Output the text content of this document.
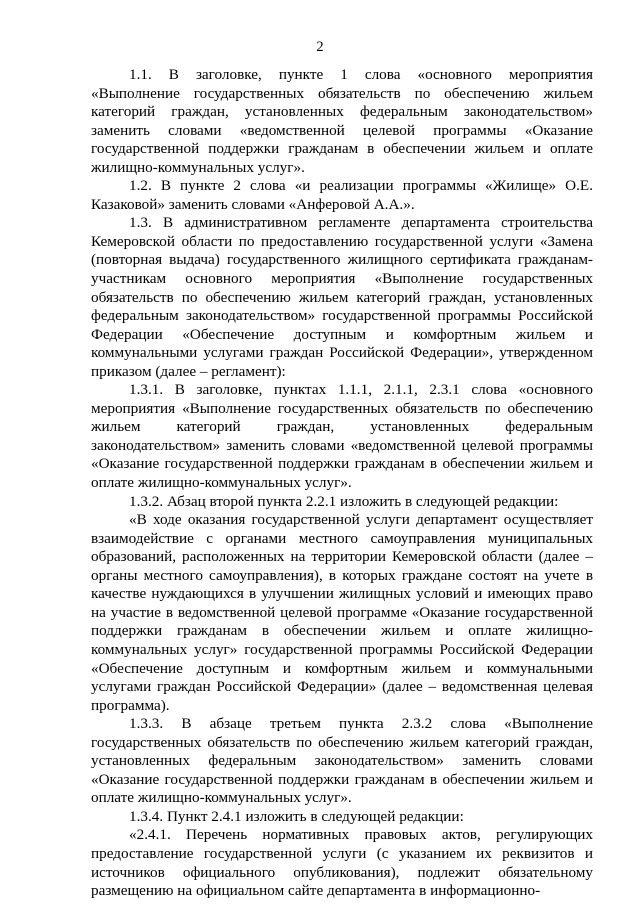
2

1.1. В заголовке, пункте 1 слова «основного мероприятия «Выполнение государственных обязательств по обеспечению жильем категорий граждан, установленных федеральным законодательством» заменить словами «ведомственной целевой программы «Оказание государственной поддержки гражданам в обеспечении жильем и оплате жилищно-коммунальных услуг».

1.2. В пункте 2 слова «и реализации программы «Жилище» О.Е. Казаковой» заменить словами «Анферовой А.А.».

1.3. В административном регламенте департамента строительства Кемеровской области по предоставлению государственной услуги «Замена (повторная выдача) государственного жилищного сертификата гражданам-участникам основного мероприятия «Выполнение государственных обязательств по обеспечению жильем категорий граждан, установленных федеральным законодательством» государственной программы Российской Федерации «Обеспечение доступным и комфортным жильем и коммунальными услугами граждан Российской Федерации», утвержденном приказом (далее – регламент):

1.3.1. В заголовке, пунктах 1.1.1, 2.1.1, 2.3.1 слова «основного мероприятия «Выполнение государственных обязательств по обеспечению жильем категорий граждан, установленных федеральным законодательством» заменить словами «ведомственной целевой программы «Оказание государственной поддержки гражданам в обеспечении жильем и оплате жилищно-коммунальных услуг».

1.3.2. Абзац второй пункта 2.2.1 изложить в следующей редакции:

«В ходе оказания государственной услуги департамент осуществляет взаимодействие с органами местного самоуправления муниципальных образований, расположенных на территории Кемеровской области (далее – органы местного самоуправления), в которых граждане состоят на учете в качестве нуждающихся в улучшении жилищных условий и имеющих право на участие в ведомственной целевой программе «Оказание государственной поддержки гражданам в обеспечении жильем и оплате жилищно-коммунальных услуг» государственной программы Российской Федерации «Обеспечение доступным и комфортным жильем и коммунальными услугами граждан Российской Федерации» (далее – ведомственная целевая программа).

1.3.3. В абзаце третьем пункта 2.3.2 слова «Выполнение государственных обязательств по обеспечению жильем категорий граждан, установленных федеральным законодательством» заменить словами «Оказание государственной поддержки гражданам в обеспечении жильем и оплате жилищно-коммунальных услуг».

1.3.4. Пункт 2.4.1 изложить в следующей редакции:

«2.4.1. Перечень нормативных правовых актов, регулирующих предоставление государственной услуги (с указанием их реквизитов и источников официального опубликования), подлежит обязательному размещению на официальном сайте департамента в информационно-
